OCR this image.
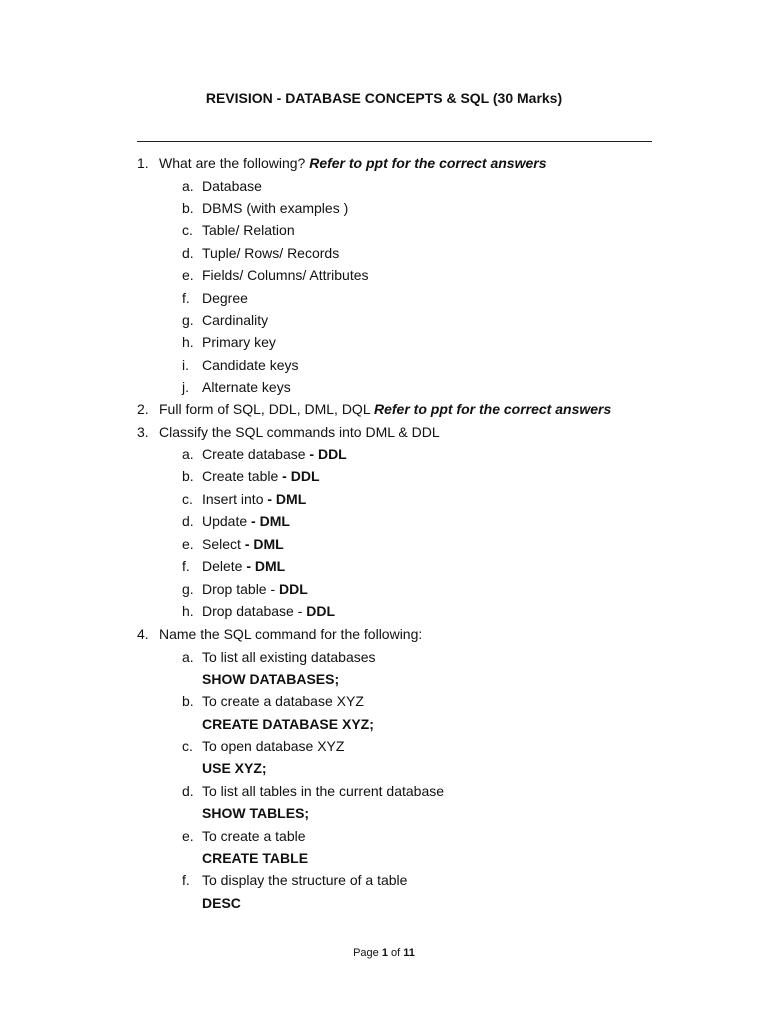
REVISION - DATABASE CONCEPTS & SQL (30 Marks)
1. What are the following? Refer to ppt for the correct answers
a. Database
b. DBMS (with examples )
c. Table/ Relation
d. Tuple/ Rows/ Records
e. Fields/ Columns/ Attributes
f. Degree
g. Cardinality
h. Primary key
i. Candidate keys
j. Alternate keys
2. Full form of SQL, DDL, DML, DQL Refer to ppt for the correct answers
3. Classify the SQL commands into DML & DDL
a. Create database - DDL
b. Create table - DDL
c. Insert into - DML
d. Update - DML
e. Select - DML
f. Delete - DML
g. Drop table - DDL
h. Drop database - DDL
4. Name the SQL command for the following:
a. To list all existing databases
SHOW DATABASES;
b. To create a database XYZ
CREATE DATABASE XYZ;
c. To open database XYZ
USE XYZ;
d. To list all tables in the current database
SHOW TABLES;
e. To create a table
CREATE TABLE
f. To display the structure of a table
DESC
Page 1 of 11
